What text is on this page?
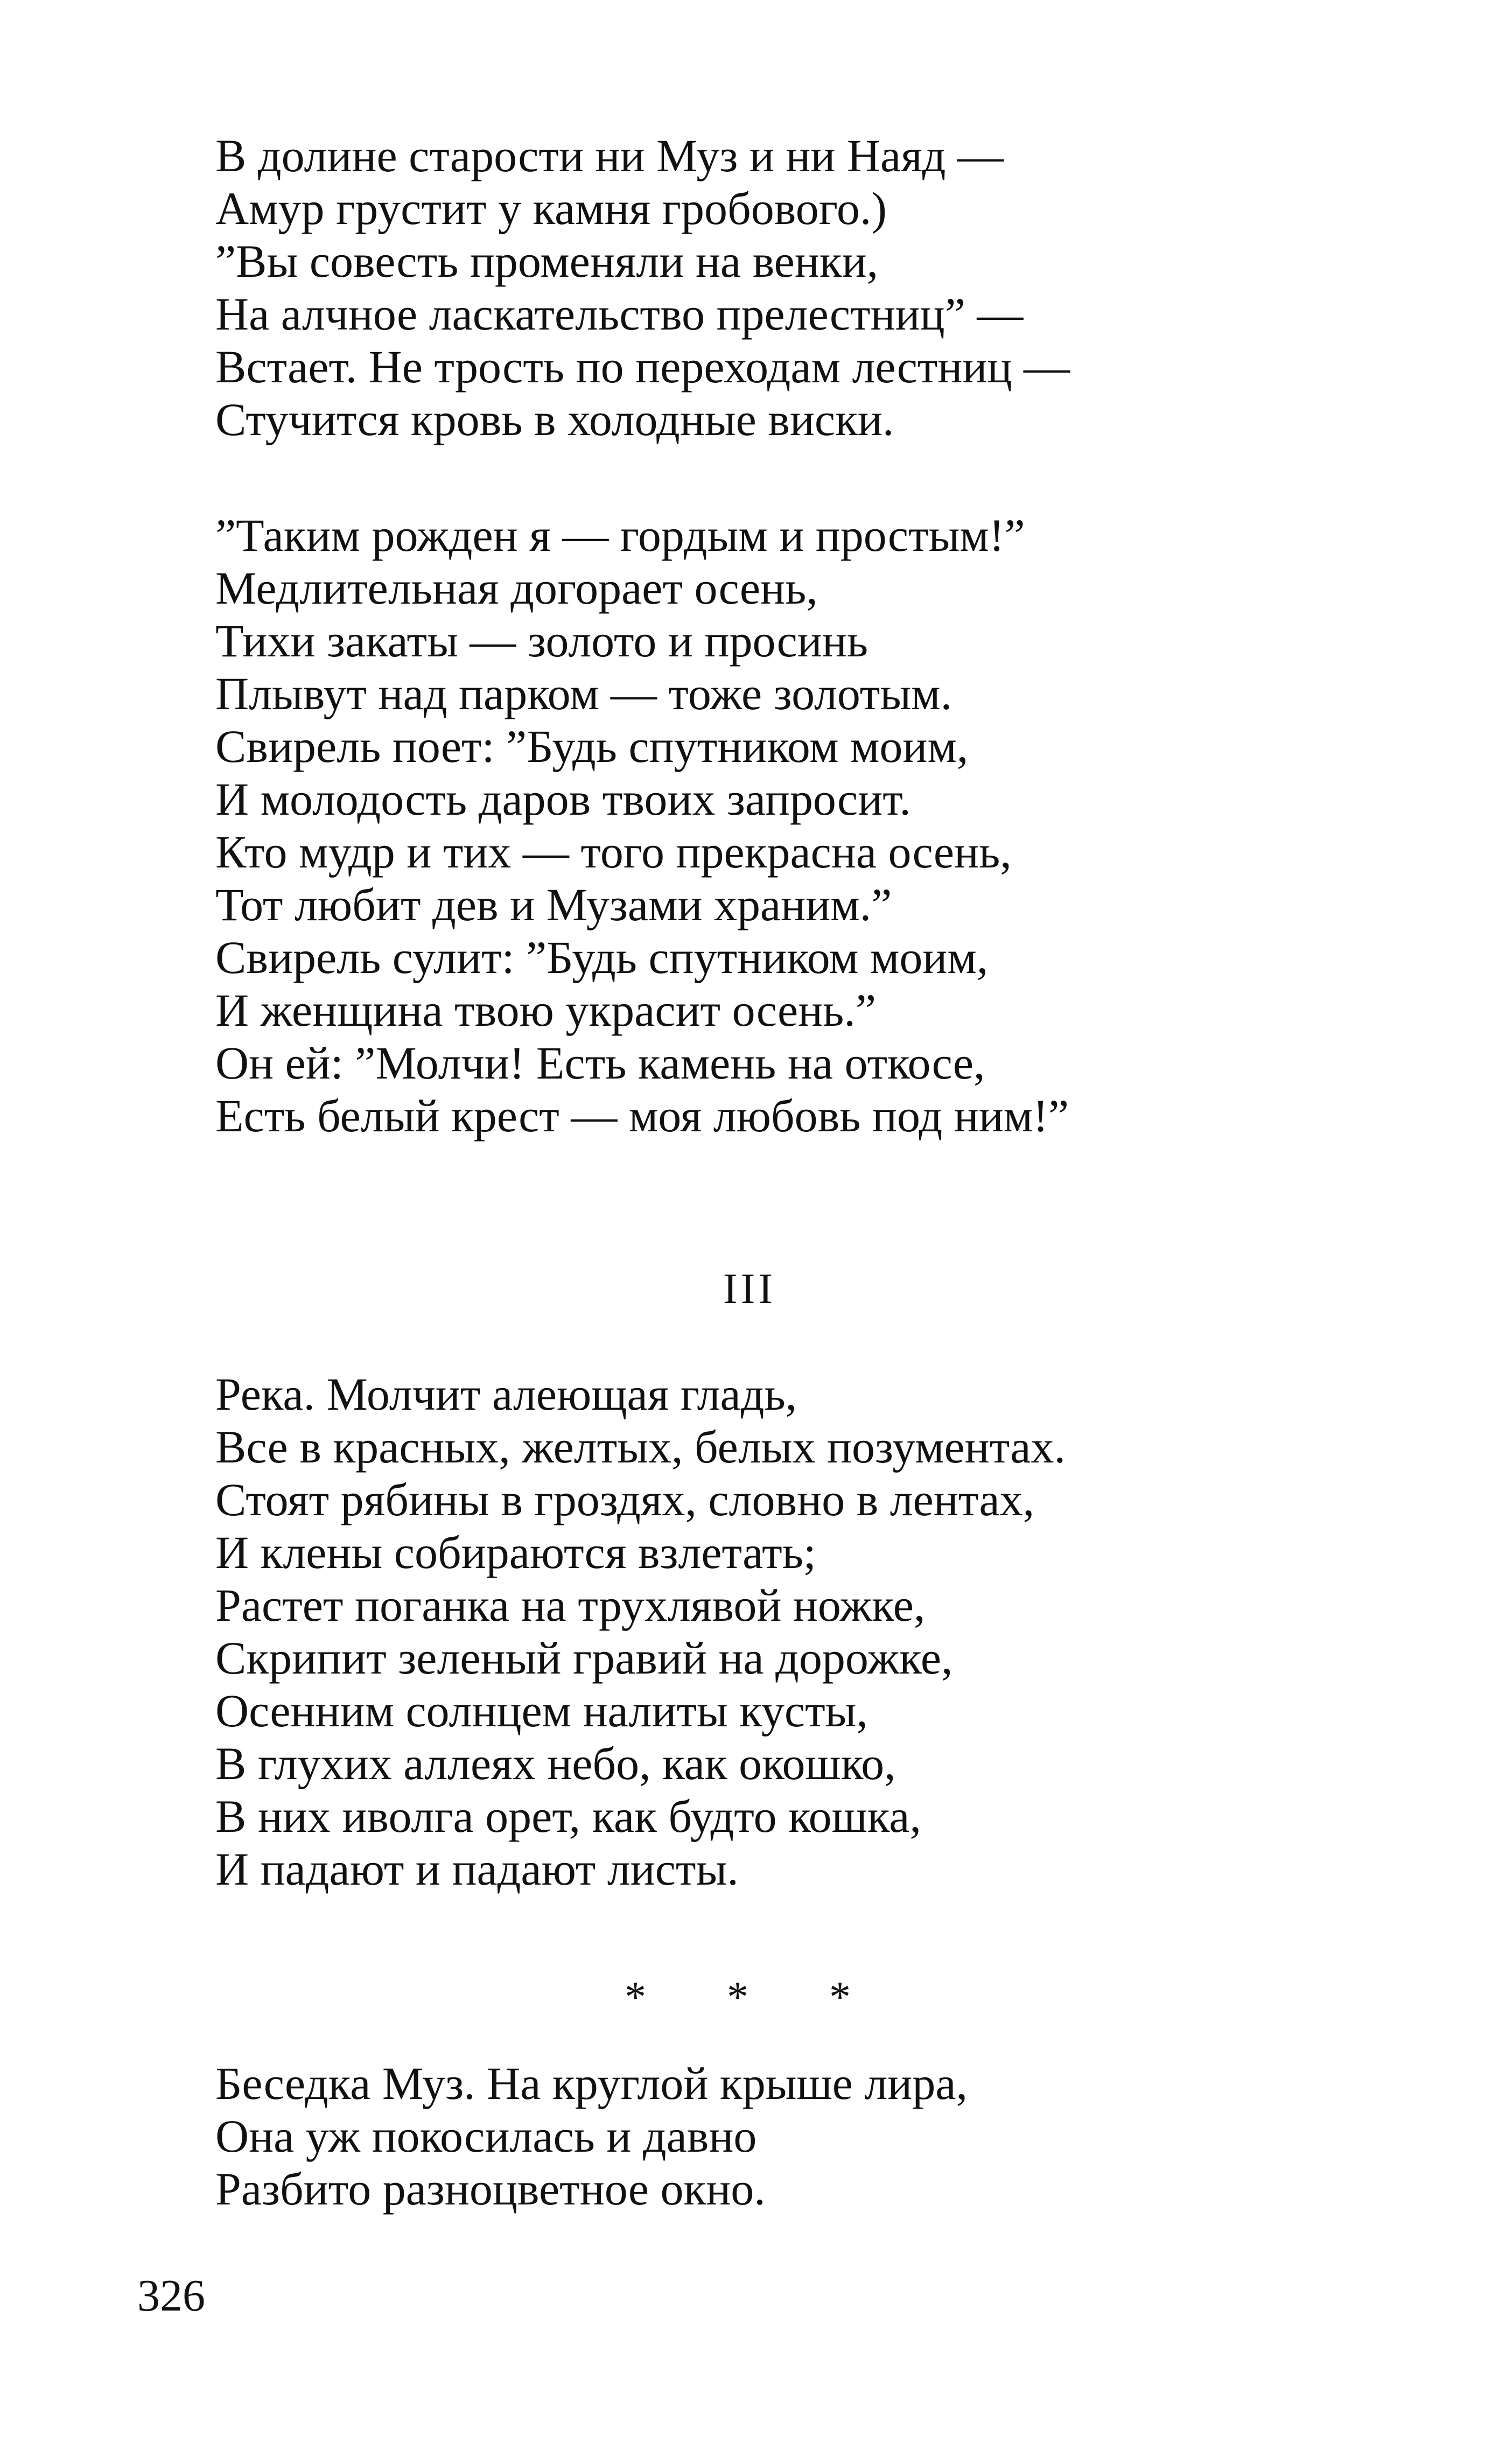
В долине старости ни Муз и ни Наяд —
Амур грустит у камня гробового.)
”Вы совесть променяли на венки,
На алчное ласкательство прелестниц” —
Встает. Не трость по переходам лестниц —
Стучится кровь в холодные виски.
”Таким рожден я — гордым и простым!”
Медлительная догорает осень,
Тихи закаты — золото и просинь
Плывут над парком — тоже золотым.
Свирель поет: ”Будь спутником моим,
И молодость даров твоих запросит.
Кто мудр и тих — того прекрасна осень,
Тот любит дев и Музами храним.”
Свирель сулит: ”Будь спутником моим,
И женщина твою украсит осень.”
Он ей: ”Молчи! Есть камень на откосе,
Есть белый крест — моя любовь под ним!”
III
Река. Молчит алеющая гладь,
Все в красных, желтых, белых позументах.
Стоят рябины в гроздях, словно в лентах,
И клены собираются взлетать;
Растет поганка на трухлявой ножке,
Скрипит зеленый гравий на дорожке,
Осенним солнцем налиты кусты,
В глухих аллеях небо, как окошко,
В них иволга орет, как будто кошка,
И падают и падают листы.
* * *
Беседка Муз. На круглой крыше лира,
Она уж покосилась и давно
Разбито разноцветное окно.
326
